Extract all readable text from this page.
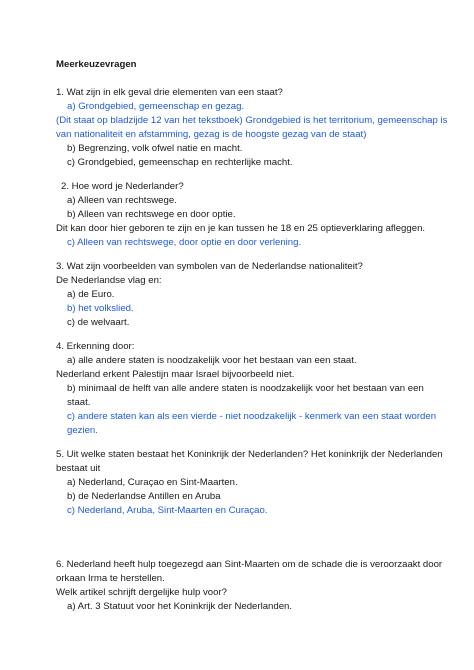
Meerkeuzevragen
1. Wat zijn in elk geval drie elementen van een staat?
a) Grondgebied, gemeenschap en gezag.
(Dit staat op bladzijde 12 van het tekstboek) Grondgebied is het territorium, gemeenschap is
van nationaliteit en afstamming, gezag is de hoogste gezag van de staat)
b) Begrenzing, volk ofwel natie en macht.
c) Grondgebied, gemeenschap en rechterlijke macht.
2. Hoe word je Nederlander?
a) Alleen van rechtswege.
b) Alleen van rechtswege en door optie.
Dit kan door hier geboren te zijn en je kan tussen he 18 en 25 optieverklaring afleggen.
c) Alleen van rechtswege, door optie en door verlening.
3. Wat zijn voorbeelden van symbolen van de Nederlandse nationaliteit?
De Nederlandse vlag en:
a) de Euro.
b) het volkslied.
c) de welvaart.
4. Erkenning door:
a) alle andere staten is noodzakelijk voor het bestaan van een staat.
Nederland erkent Palestijn maar Israel bijvoorbeeld niet.
b) minimaal de helft van alle andere staten is noodzakelijk voor het bestaan van een
staat.
c) andere staten kan als een vierde - niet noodzakelijk - kenmerk van een staat worden
gezien.
5. Uit welke staten bestaat het Koninkrijk der Nederlanden? Het koninkrijk der Nederlanden
bestaat uit
a) Nederland, Curaçao en Sint-Maarten.
b) de Nederlandse Antillen en Aruba
c) Nederland, Aruba, Sint-Maarten en Curaçao.
6. Nederland heeft hulp toegezegd aan Sint-Maarten om de schade die is veroorzaakt door
orkaan Irma te herstellen.
Welk artikel schrijft dergelijke hulp voor?
a) Art. 3 Statuut voor het Koninkrijk der Nederlanden.
